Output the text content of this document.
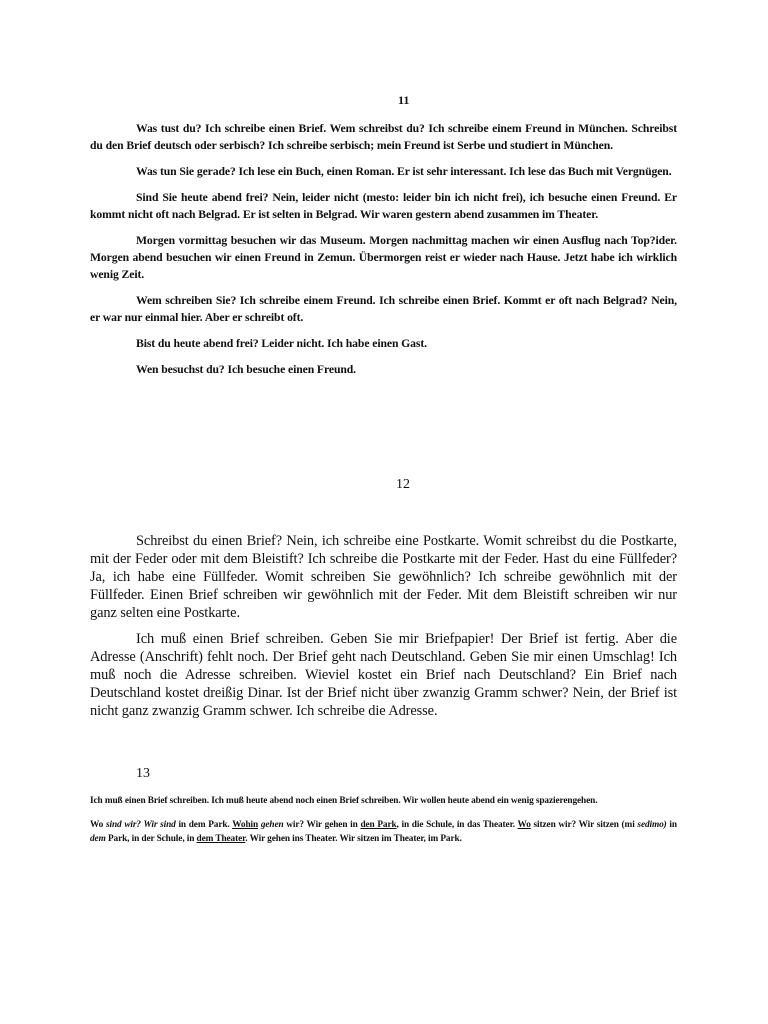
11

Was tust du? Ich schreibe einen Brief. Wem schreibst du? Ich schreibe einem Freund in München. Schreibst du den Brief deutsch oder serbisch? Ich schreibe serbisch; mein Freund ist Serbe und studiert in München.

Was tun Sie gerade? Ich lese ein Buch, einen Roman. Er ist sehr interessant. Ich lese das Buch mit Vergnügen.

Sind Sie heute abend frei? Nein, leider nicht (mesto: leider bin ich nicht frei), ich besuche einen Freund. Er kommt nicht oft nach Belgrad. Er ist selten in Belgrad. Wir waren gestern abend zusammen im Theater.

Morgen vormittag besuchen wir das Museum. Morgen nachmittag machen wir einen Ausflug nach Top?ider. Morgen abend besuchen wir einen Freund in Zemun. Übermorgen reist er wieder nach Hause. Jetzt habe ich wirklich wenig Zeit.

Wem schreiben Sie? Ich schreibe einem Freund. Ich schreibe einen Brief. Kommt er oft nach Belgrad? Nein, er war nur einmal hier. Aber er schreibt oft.

Bist du heute abend frei? Leider nicht. Ich habe einen Gast.

Wen besuchst du? Ich besuche einen Freund.

12

Schreibst du einen Brief? Nein, ich schreibe eine Postkarte. Womit schreibst du die Postkarte, mit der Feder oder mit dem Bleistift? Ich schreibe die Postkarte mit der Feder. Hast du eine Füllfeder? Ja, ich habe eine Füllfeder. Womit schreiben Sie gewöhnlich? Ich schreibe gewöhnlich mit der Füllfeder. Einen Brief schreiben wir gewöhnlich mit der Feder. Mit dem Bleistift schreiben wir nur ganz selten eine Postkarte.

Ich muß einen Brief schreiben. Geben Sie mir Briefpapier! Der Brief ist fertig. Aber die Adresse (Anschrift) fehlt noch. Der Brief geht nach Deutschland. Geben Sie mir einen Umschlag! Ich muß noch die Adresse schreiben. Wieviel kostet ein Brief nach Deutschland? Ein Brief nach Deutschland kostet dreißig Dinar. Ist der Brief nicht über zwanzig Gramm schwer? Nein, der Brief ist nicht ganz zwanzig Gramm schwer. Ich schreibe die Adresse.

13

Ich muß einen Brief schreiben. Ich muß heute abend noch einen Brief schreiben. Wir wollen heute abend ein wenig spazierengehen.

Wo sind wir? Wir sind in dem Park. Wohin gehen wir? Wir gehen in den Park, in die Schule, in das Theater. Wo sitzen wir? Wir sitzen (mi sedimo) in dem Park, in der Schule, in dem Theater. Wir gehen ins Theater. Wir sitzen im Theater, im Park.
